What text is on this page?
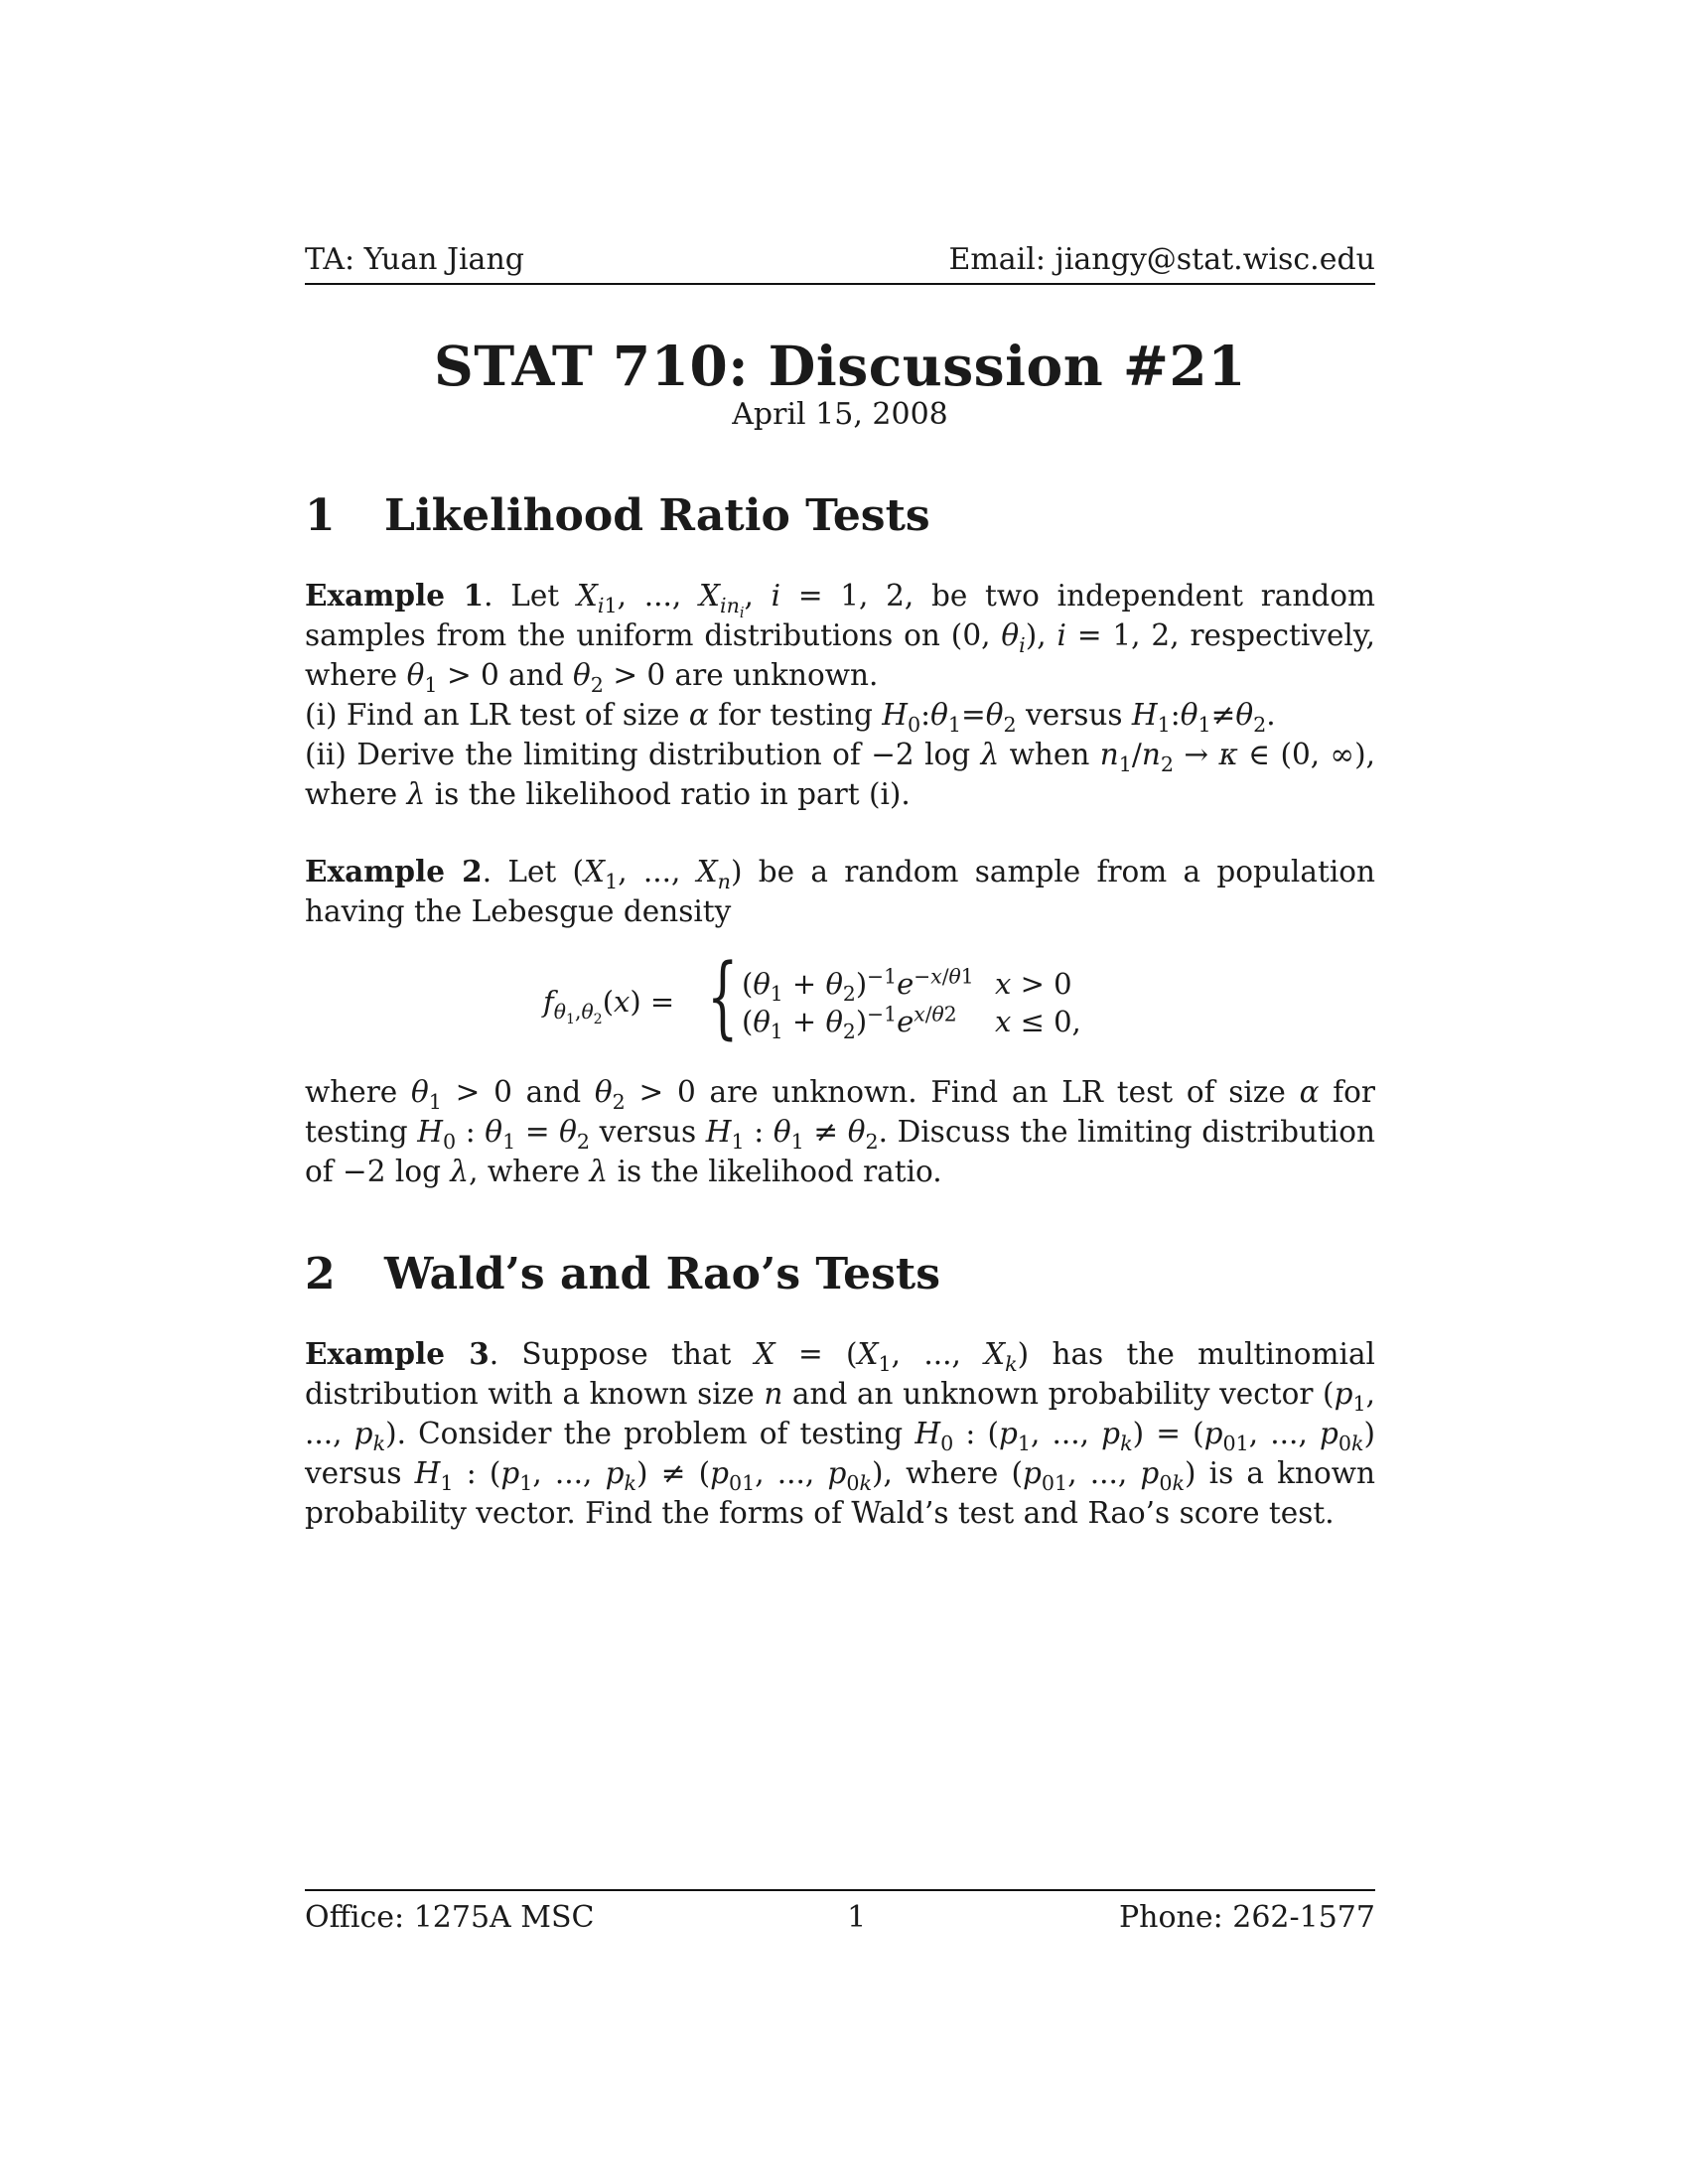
TA: Yuan Jiang	Email: jiangy@stat.wisc.edu
STAT 710: Discussion #21
April 15, 2008
1 Likelihood Ratio Tests
Example 1. Let $X_{i1}$, ..., $X_{in_i}$, i = 1, 2, be two independent random samples from the uniform distributions on (0, $\theta_i$), i = 1, 2, respectively, where $\theta_1 > 0$ and $\theta_2 > 0$ are unknown.
(i) Find an LR test of size α for testing $H_0:\theta_1=\theta_2$ versus $H_1:\theta_1\ne\theta_2$.
(ii) Derive the limiting distribution of −2 log λ when $n_1/n_2 \to \kappa$ ∈ (0, ∞), where λ is the likelihood ratio in part (i).
Example 2. Let ($X_1$, ..., $X_n$) be a random sample from a population having the Lebesgue density
$f_{\theta_1,\theta_2}(x)$ = { $(\theta_1 + \theta_2)^{-1}e^{-x/\theta 1}$ x > 0
$(\theta_1 + \theta_2)^{-1}e^{x/\theta 2}$ x ≤ 0,
where $\theta_1 > 0$ and $\theta_2 > 0$ are unknown. Find an LR test of size α for testing $H_0$ : $\theta_1 = \theta_2$ versus $H_1$ : $\theta_1 \ne \theta_2$. Discuss the limiting distribution of −2 log λ, where λ is the likelihood ratio.
2 Wald’s and Rao’s Tests
Example 3. Suppose that $X = (X_1$, ..., $X_k$) has the multinomial distribution with a known size n and an unknown probability vector ($p_1$, ..., $p_k$). Consider the problem of testing $H_0$ : ($p_1$, ..., $p_k) = (p_{01}$, ..., $p_{0k}$) versus $H_1$ : ($p_1$, ..., $p_k) \ne (p_{01}$, ..., $p_{0k}$), where ($p_{01}$, ..., $p_{0k}$) is a known probability vector. Find the forms of Wald’s test and Rao’s score test.
Office: 1275A MSC	1	Phone: 262-1577
